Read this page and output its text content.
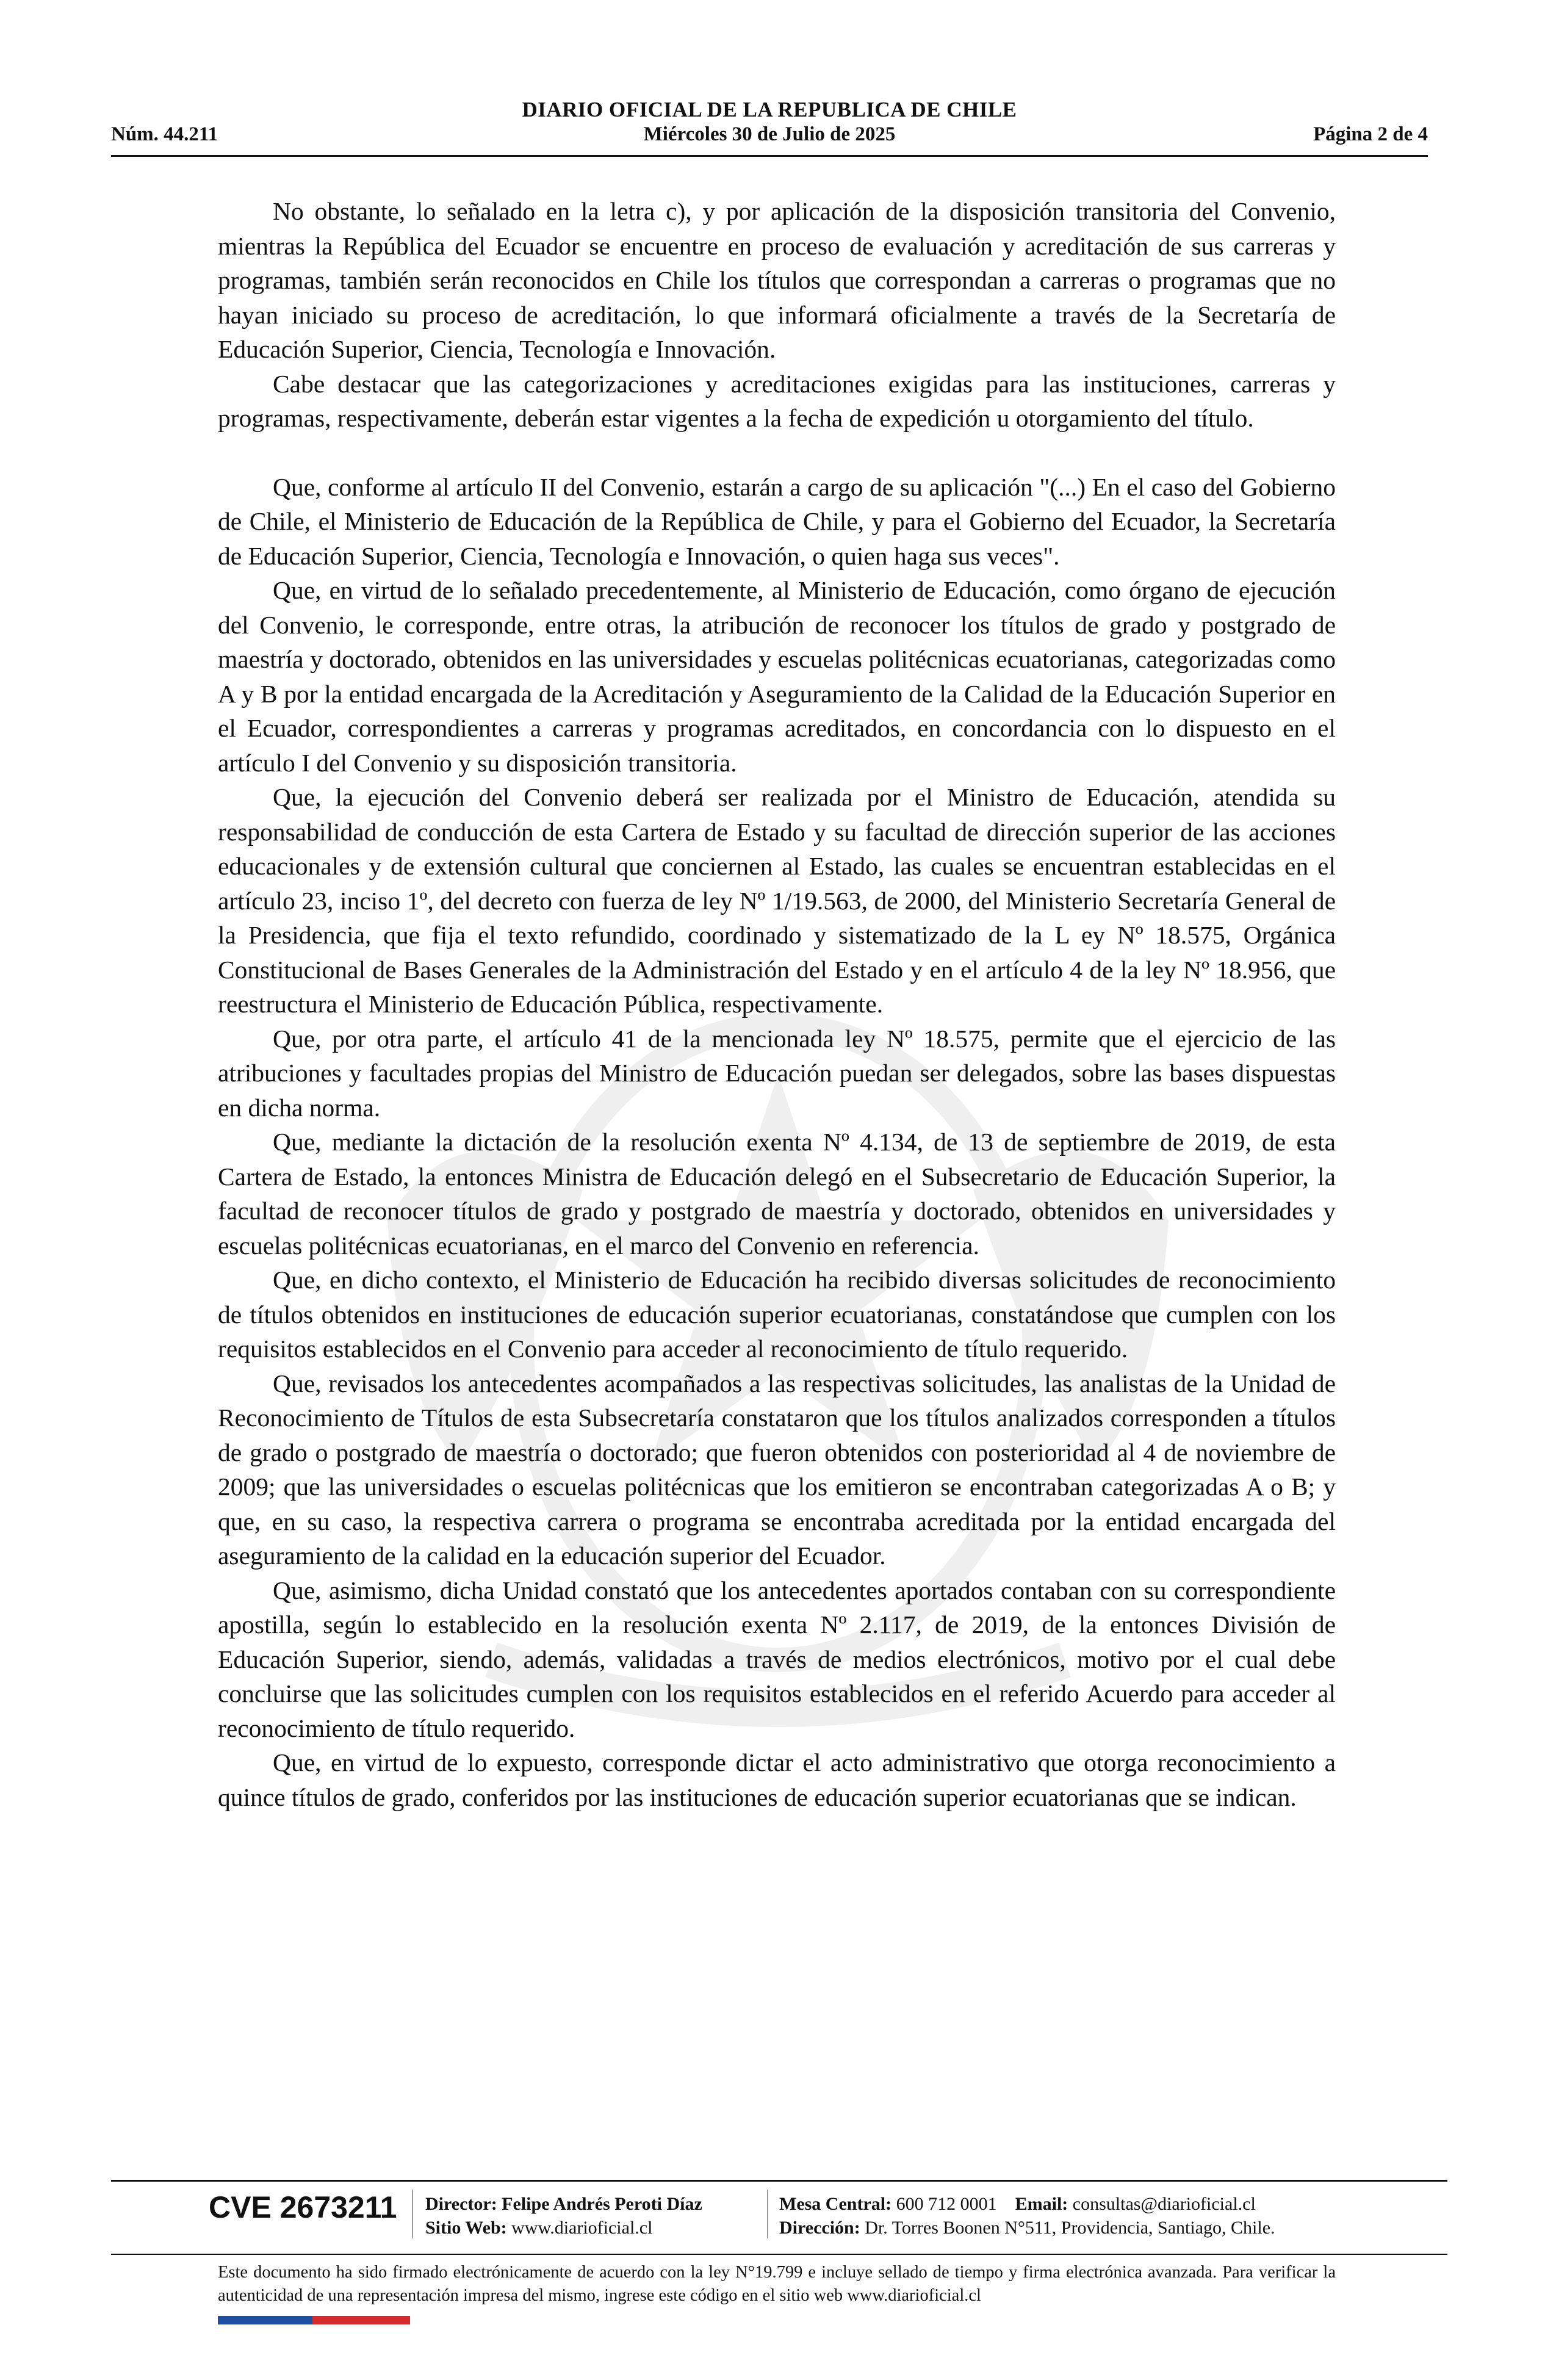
DIARIO OFICIAL DE LA REPUBLICA DE CHILE
Núm. 44.211	Miércoles 30 de Julio de 2025	Página 2 de 4

No obstante, lo señalado en la letra c), y por aplicación de la disposición transitoria del Convenio, mientras la República del Ecuador se encuentre en proceso de evaluación y acreditación de sus carreras y programas, también serán reconocidos en Chile los títulos que correspondan a carreras o programas que no hayan iniciado su proceso de acreditación, lo que informará oficialmente a través de la Secretaría de Educación Superior, Ciencia, Tecnología e Innovación.

Cabe destacar que las categorizaciones y acreditaciones exigidas para las instituciones, carreras y programas, respectivamente, deberán estar vigentes a la fecha de expedición u otorgamiento del título.

Que, conforme al artículo II del Convenio, estarán a cargo de su aplicación "(...) En el caso del Gobierno de Chile, el Ministerio de Educación de la República de Chile, y para el Gobierno del Ecuador, la Secretaría de Educación Superior, Ciencia, Tecnología e Innovación, o quien haga sus veces".

Que, en virtud de lo señalado precedentemente, al Ministerio de Educación, como órgano de ejecución del Convenio, le corresponde, entre otras, la atribución de reconocer los títulos de grado y postgrado de maestría y doctorado, obtenidos en las universidades y escuelas politécnicas ecuatorianas, categorizadas como A y B por la entidad encargada de la Acreditación y Aseguramiento de la Calidad de la Educación Superior en el Ecuador, correspondientes a carreras y programas acreditados, en concordancia con lo dispuesto en el artículo I del Convenio y su disposición transitoria.

Que, la ejecución del Convenio deberá ser realizada por el Ministro de Educación, atendida su responsabilidad de conducción de esta Cartera de Estado y su facultad de dirección superior de las acciones educacionales y de extensión cultural que conciernen al Estado, las cuales se encuentran establecidas en el artículo 23, inciso 1º, del decreto con fuerza de ley Nº 1/19.563, de 2000, del Ministerio Secretaría General de la Presidencia, que fija el texto refundido, coordinado y sistematizado de la L ey Nº 18.575, Orgánica Constitucional de Bases Generales de la Administración del Estado y en el artículo 4 de la ley Nº 18.956, que reestructura el Ministerio de Educación Pública, respectivamente.

Que, por otra parte, el artículo 41 de la mencionada ley Nº 18.575, permite que el ejercicio de las atribuciones y facultades propias del Ministro de Educación puedan ser delegados, sobre las bases dispuestas en dicha norma.

Que, mediante la dictación de la resolución exenta Nº 4.134, de 13 de septiembre de 2019, de esta Cartera de Estado, la entonces Ministra de Educación delegó en el Subsecretario de Educación Superior, la facultad de reconocer títulos de grado y postgrado de maestría y doctorado, obtenidos en universidades y escuelas politécnicas ecuatorianas, en el marco del Convenio en referencia.

Que, en dicho contexto, el Ministerio de Educación ha recibido diversas solicitudes de reconocimiento de títulos obtenidos en instituciones de educación superior ecuatorianas, constatándose que cumplen con los requisitos establecidos en el Convenio para acceder al reconocimiento de título requerido.

Que, revisados los antecedentes acompañados a las respectivas solicitudes, las analistas de la Unidad de Reconocimiento de Títulos de esta Subsecretaría constataron que los títulos analizados corresponden a títulos de grado o postgrado de maestría o doctorado; que fueron obtenidos con posterioridad al 4 de noviembre de 2009; que las universidades o escuelas politécnicas que los emitieron se encontraban categorizadas A o B; y que, en su caso, la respectiva carrera o programa se encontraba acreditada por la entidad encargada del aseguramiento de la calidad en la educación superior del Ecuador.

Que, asimismo, dicha Unidad constató que los antecedentes aportados contaban con su correspondiente apostilla, según lo establecido en la resolución exenta Nº 2.117, de 2019, de la entonces División de Educación Superior, siendo, además, validadas a través de medios electrónicos, motivo por el cual debe concluirse que las solicitudes cumplen con los requisitos establecidos en el referido Acuerdo para acceder al reconocimiento de título requerido.

Que, en virtud de lo expuesto, corresponde dictar el acto administrativo que otorga reconocimiento a quince títulos de grado, conferidos por las instituciones de educación superior ecuatorianas que se indican.

CVE 2673211 Director: Felipe Andrés Peroti Díaz
Sitio Web: www.diarioficial.cl
Mesa Central: 600 712 0001 Email: consultas@diarioficial.cl
Dirección: Dr. Torres Boonen N°511, Providencia, Santiago, Chile.
Este documento ha sido firmado electrónicamente de acuerdo con la ley N°19.799 e incluye sellado de tiempo y firma electrónica avanzada. Para verificar la autenticidad de una representación impresa del mismo, ingrese este código en el sitio web www.diarioficial.cl
